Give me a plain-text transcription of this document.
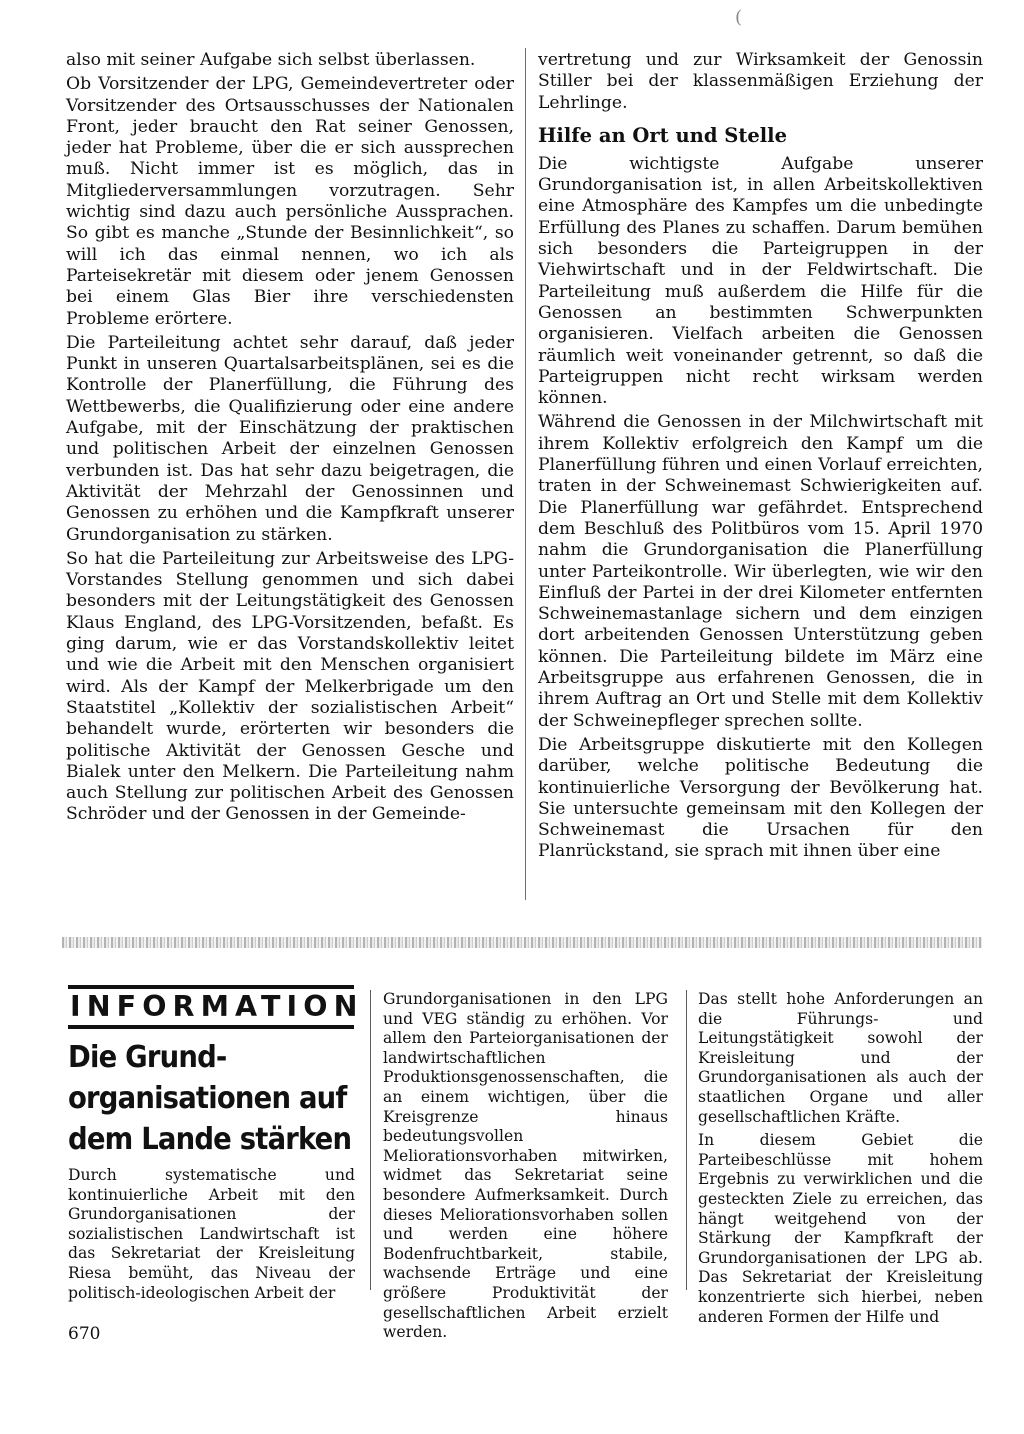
(

also mit seiner Aufgabe sich selbst überlassen.

Ob Vorsitzender der LPG, Gemeindevertreter oder Vorsitzender des Ortsausschusses der Nationalen Front, jeder braucht den Rat seiner Genossen, jeder hat Probleme, über die er sich aussprechen muß. Nicht immer ist es möglich, das in Mitgliederversammlungen vorzutragen. Sehr wichtig sind dazu auch persönliche Aussprachen. So gibt es manche „Stunde der Besinnlichkeit“, so will ich das einmal nennen, wo ich als Parteisekretär mit diesem oder jenem Genossen bei einem Glas Bier ihre verschiedensten Probleme erörtere.

Die Parteileitung achtet sehr darauf, daß jeder Punkt in unseren Quartalsarbeitsplänen, sei es die Kontrolle der Planerfüllung, die Führung des Wettbewerbs, die Qualifizierung oder eine andere Aufgabe, mit der Einschätzung der praktischen und politischen Arbeit der einzelnen Genossen verbunden ist. Das hat sehr dazu beigetragen, die Aktivität der Mehrzahl der Genossinnen und Genossen zu erhöhen und die Kampfkraft unserer Grundorganisation zu stärken.

So hat die Parteileitung zur Arbeitsweise des LPG-Vorstandes Stellung genommen und sich dabei besonders mit der Leitungstätigkeit des Genossen Klaus England, des LPG-Vorsitzenden, befaßt. Es ging darum, wie er das Vorstandskollektiv leitet und wie die Arbeit mit den Menschen organisiert wird. Als der Kampf der Melkerbrigade um den Staatstitel „Kollektiv der sozialistischen Arbeit“ behandelt wurde, erörterten wir besonders die politische Aktivität der Genossen Gesche und Bialek unter den Melkern. Die Parteileitung nahm auch Stellung zur politischen Arbeit des Genossen Schröder und der Genossen in der Gemeinde-

vertretung und zur Wirksamkeit der Genossin Stiller bei der klassenmäßigen Erziehung der Lehrlinge.

Hilfe an Ort und Stelle

Die wichtigste Aufgabe unserer Grundorganisation ist, in allen Arbeitskollektiven eine Atmosphäre des Kampfes um die unbedingte Erfüllung des Planes zu schaffen. Darum bemühen sich besonders die Parteigruppen in der Viehwirtschaft und in der Feldwirtschaft. Die Parteileitung muß außerdem die Hilfe für die Genossen an bestimmten Schwerpunkten organisieren. Vielfach arbeiten die Genossen räumlich weit voneinander getrennt, so daß die Parteigruppen nicht recht wirksam werden können.

Während die Genossen in der Milchwirtschaft mit ihrem Kollektiv erfolgreich den Kampf um die Planerfüllung führen und einen Vorlauf erreichten, traten in der Schweinemast Schwierigkeiten auf. Die Planerfüllung war gefährdet. Entsprechend dem Beschluß des Politbüros vom 15. April 1970 nahm die Grundorganisation die Planerfüllung unter Parteikontrolle. Wir überlegten, wie wir den Einfluß der Partei in der drei Kilometer entfernten Schweinemastanlage sichern und dem einzigen dort arbeitenden Genossen Unterstützung geben können. Die Parteileitung bildete im März eine Arbeitsgruppe aus erfahrenen Genossen, die in ihrem Auftrag an Ort und Stelle mit dem Kollektiv der Schweinepfleger sprechen sollte.

Die Arbeitsgruppe diskutierte mit den Kollegen darüber, welche politische Bedeutung die kontinuierliche Versorgung der Bevölkerung hat. Sie untersuchte gemeinsam mit den Kollegen der Schweinemast die Ursachen für den Planrückstand, sie sprach mit ihnen über eine

INFORMATION
Die Grund-
organisationen auf
dem Lande stärken

Durch systematische und kontinuierliche Arbeit mit den Grundorganisationen der sozialistischen Landwirtschaft ist das Sekretariat der Kreisleitung Riesa bemüht, das Niveau der politisch-ideologischen Arbeit der

Grundorganisationen in den LPG und VEG ständig zu erhöhen. Vor allem den Parteiorganisationen der landwirtschaftlichen Produktionsgenossenschaften, die an einem wichtigen, über die Kreisgrenze hinaus bedeutungsvollen Meliorationsvorhaben mitwirken, widmet das Sekretariat seine besondere Aufmerksamkeit. Durch dieses Meliorationsvorhaben sollen und werden eine höhere Bodenfruchtbarkeit, stabile, wachsende Erträge und eine größere Produktivität der gesellschaftlichen Arbeit erzielt werden.

Das stellt hohe Anforderungen an die Führungs- und Leitungstätigkeit sowohl der Kreisleitung und der Grundorganisationen als auch der staatlichen Organe und aller gesellschaftlichen Kräfte.

In diesem Gebiet die Parteibeschlüsse mit hohem Ergebnis zu verwirklichen und die gesteckten Ziele zu erreichen, das hängt weitgehend von der Stärkung der Kampfkraft der Grundorganisationen der LPG ab. Das Sekretariat der Kreisleitung konzentrierte sich hierbei, neben anderen Formen der Hilfe und

670
